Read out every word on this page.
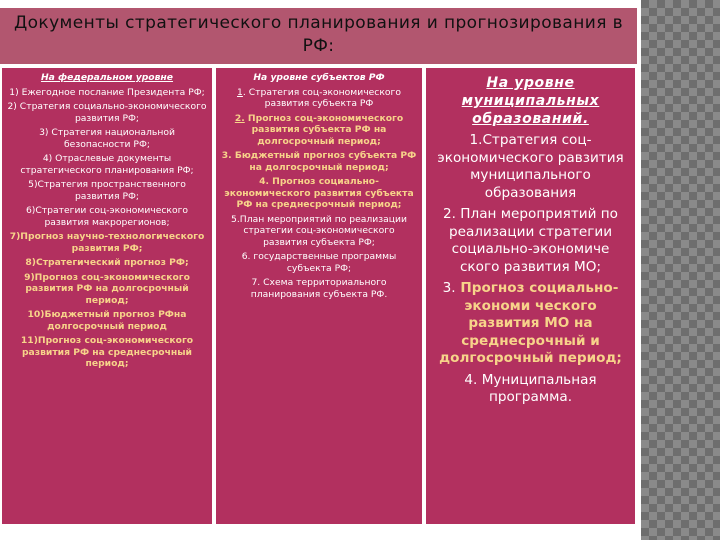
Документы стратегического планирования и прогнозирования в РФ:
На федеральном уровне
1) Ежегодное послание Президента РФ;
2) Стратегия социально-экономического развития РФ;
3) Стратегия национальной безопасности РФ;
4) Отраслевые документы стратегического планирования РФ;
5)Стратегия пространственного развития РФ;
6)Стратегии соц-экономического развития макрорегионов;
7)Прогноз научно-технологического развития РФ;
8)Стратегический прогноз РФ;
9)Прогноз соц-экономического развития РФ на долгосрочный период;
10)Бюджетный прогноз РФна долгосрочный период
11)Прогноз соц-экономического развития РФ на среднесрочный период;
На уровне субъектов РФ
1. Стратегия соц-экономического развития субъекта РФ
2. Прогноз соц-экономического развития субъекта РФ на долгосрочный период;
3. Бюджетный прогноз субъекта РФ на долгосрочный период;
4. Прогноз социально-экономического развития субъекта РФ на среднесрочный период;
5.План мероприятий по реализации стратегии соц-экономического развития субъекта РФ;
6. государственные программы субъекта РФ;
7. Схема территориального планирования субъекта РФ.
На уровне муниципальных образований.
1.Стратегия соц-экономического равзития муниципального образования
2. План мероприятий по реализации стратегии социально-экономиче ского развития МО;
3. Прогноз социально-экономи ческого развития МО на среднесрочный и долгосрочный период;
4. Муниципальная программа.
